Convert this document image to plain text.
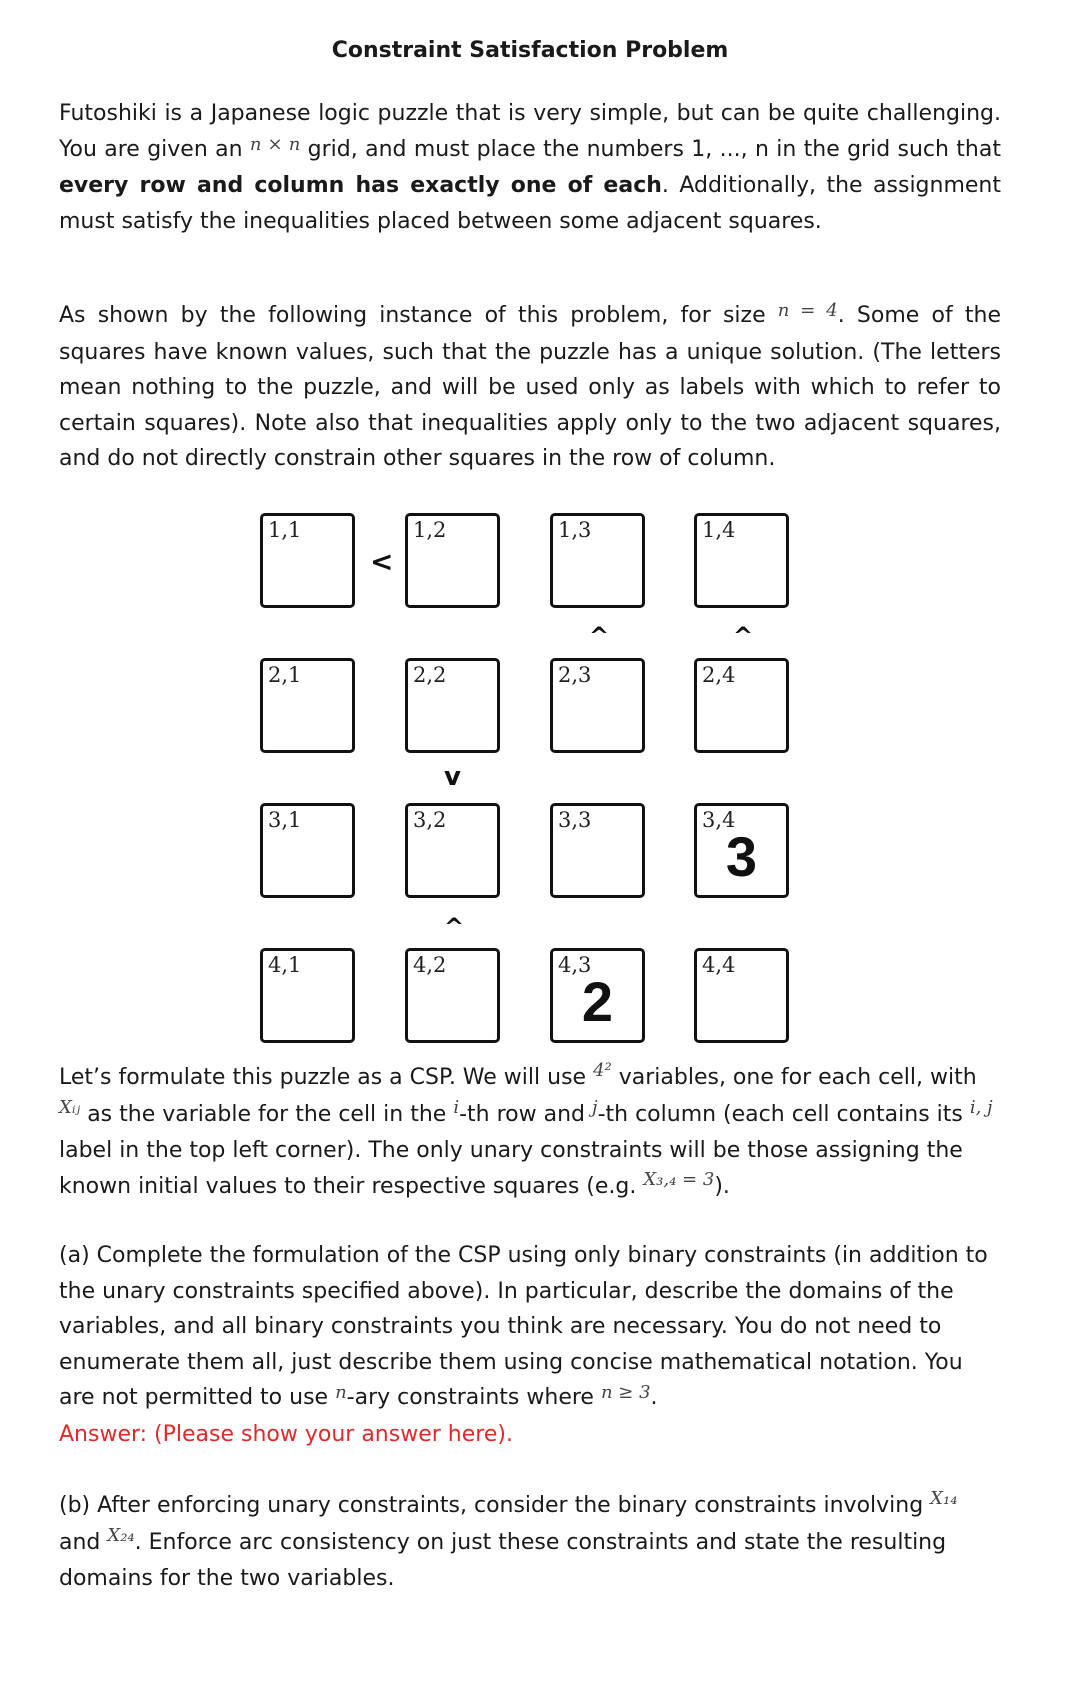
Constraint Satisfaction Problem
Futoshiki is a Japanese logic puzzle that is very simple, but can be quite challenging. You are given an $^{n \times n}$ grid, and must place the numbers 1, ..., n in the grid such that every row and column has exactly one of each. Additionally, the assignment must satisfy the inequalities placed between some adjacent squares.
As shown by the following instance of this problem, for size $^{n = 4}$. Some of the squares have known values, such that the puzzle has a unique solution. (The letters mean nothing to the puzzle, and will be used only as labels with which to refer to certain squares). Note also that inequalities apply only to the two adjacent squares, and do not directly constrain other squares in the row of column.
1,1	1,2	1,3	1,4
2,1	2,2	2,3	2,4
3,1	3,2	3,3	3,4
3
4,1	4,2	4,3
2
4,4
<
^	^
v
^
Let’s formulate this puzzle as a CSP. We will use $^{4^2}$ variables, one for each cell, with $^{Xᵢⱼ}$ as the variable for the cell in the $^i$-th row and $^j$-th column (each cell contains its $^{i, j}$ label in the top left corner). The only unary constraints will be those assigning the known initial values to their respective squares (e.g. $^{X_3,_4 = 3}$).
(a) Complete the formulation of the CSP using only binary constraints (in addition to the unary constraints specified above). In particular, describe the domains of the variables, and all binary constraints you think are necessary. You do not need to enumerate them all, just describe them using concise mathematical notation. You are not permitted to use $^n$-ary constraints where $^{n \ge 3}$.
Answer: (Please show your answer here).
(b) After enforcing unary constraints, consider the binary constraints involving $^{X_{14}}$
and $^{X_{24}}$. Enforce arc consistency on just these constraints and state the resulting domains for the two variables.
